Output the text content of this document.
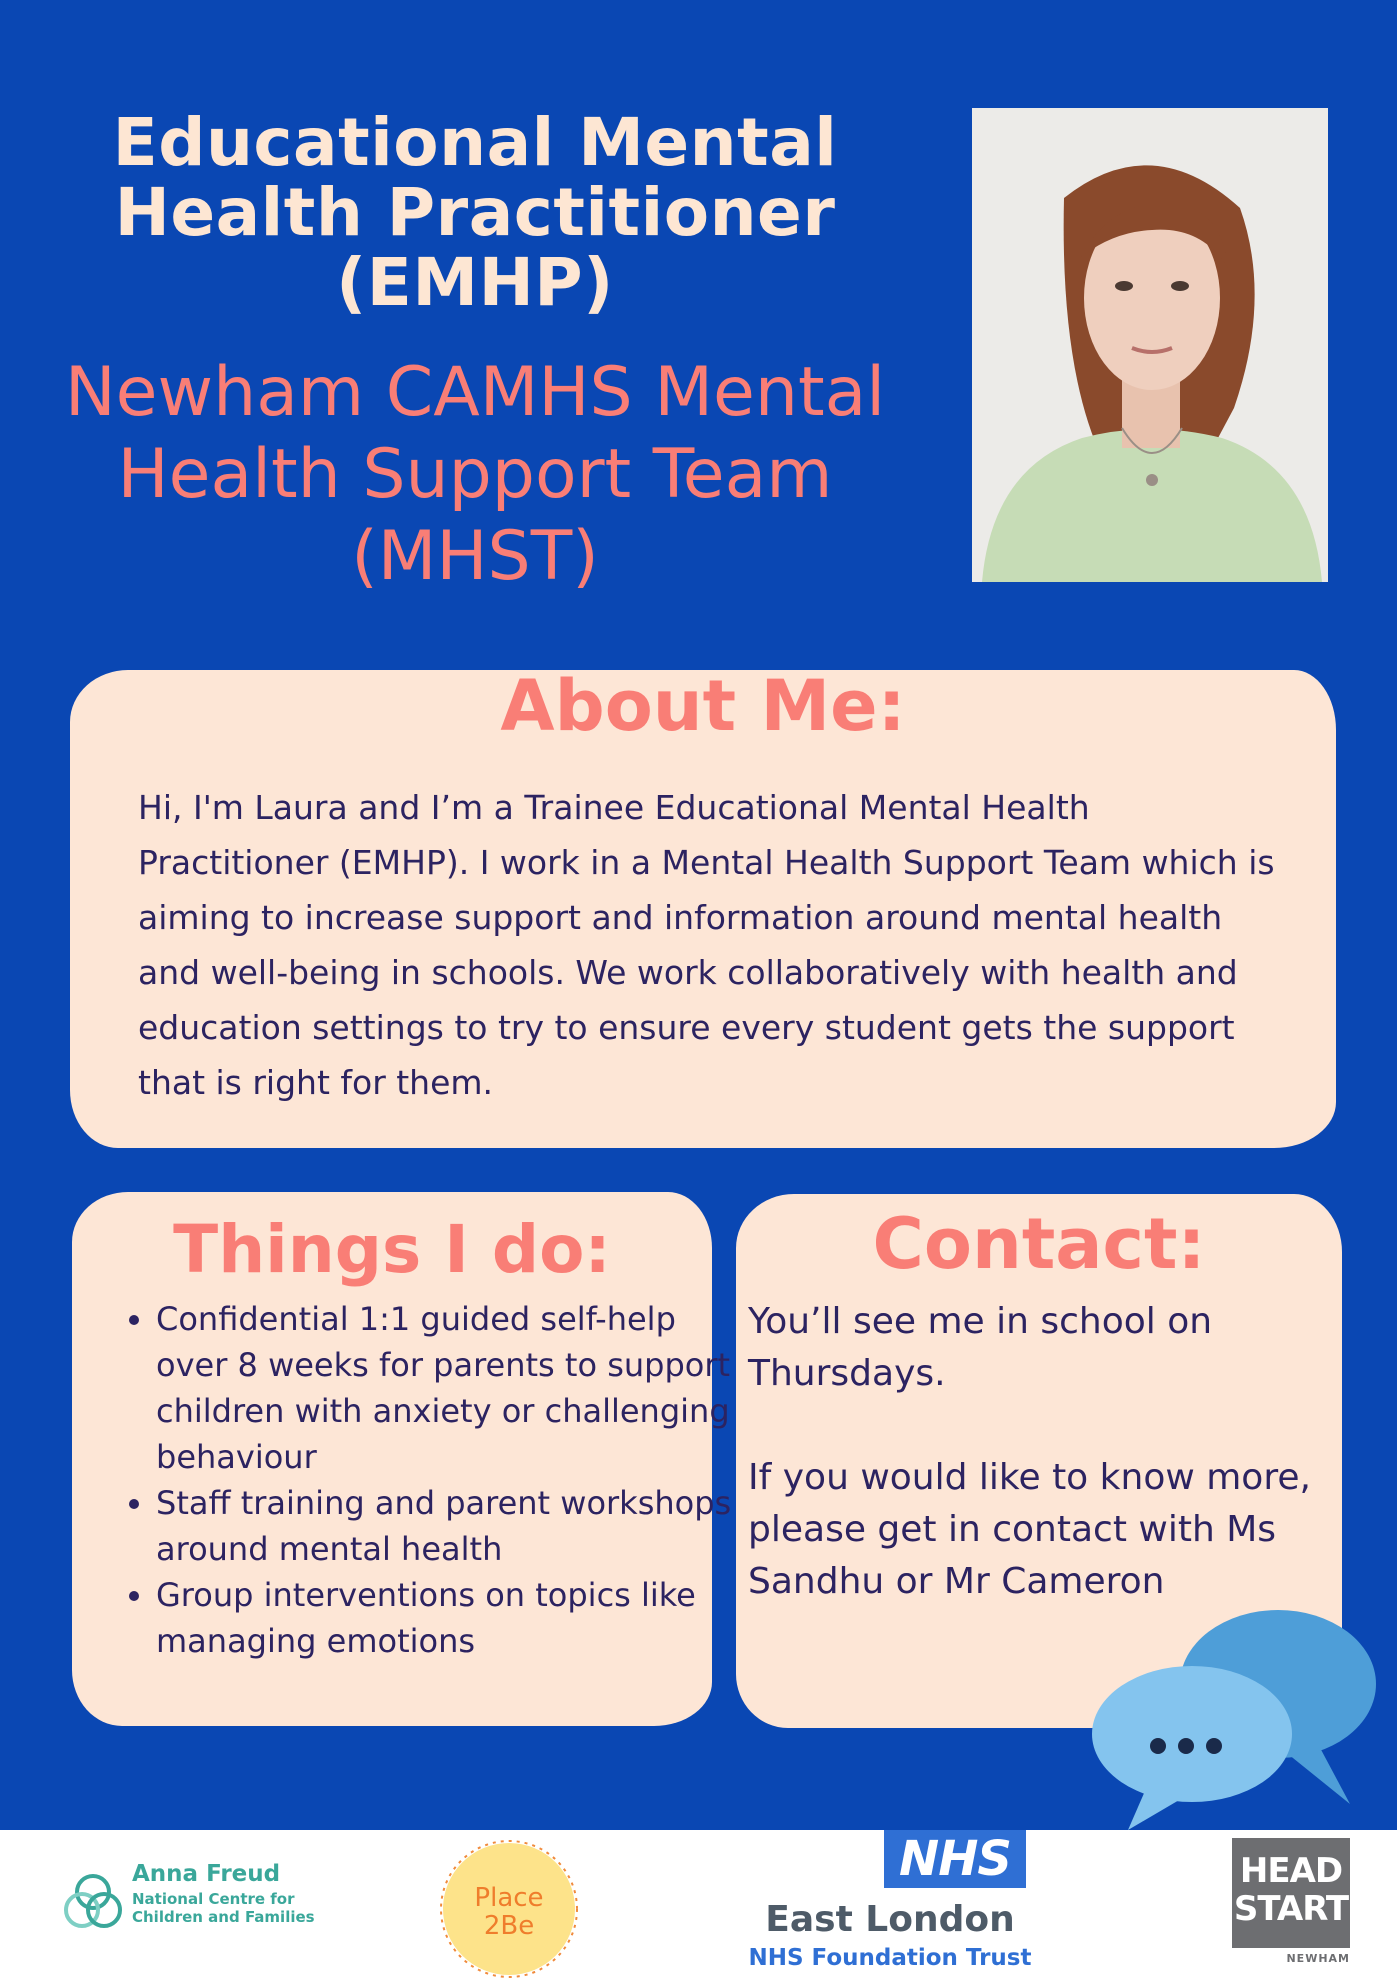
Educational Mental Health Practitioner (EMHP)
Newham CAMHS Mental Health Support Team (MHST)
About Me:

Hi, I'm Laura and I’m a Trainee Educational Mental Health Practitioner (EMHP). I work in a Mental Health Support Team which is aiming to increase support and information around mental health and well-being in schools. We work collaboratively with health and education settings to try to ensure every student gets the support that is right for them.

Things I do:
• Confidential 1:1 guided self-help over 8 weeks for parents to support children with anxiety or challenging behaviour
• Staff training and parent workshops around mental health
• Group interventions on topics like managing emotions
Contact:

You’ll see me in school on Thursdays.

If you would like to know more, please get in contact with Ms Sandhu or Mr Cameron

Anna Freud
National Centre for Children and Families
Place
2Be
NHS
East London
NHS Foundation Trust
HEAD
START
NEWHAM
